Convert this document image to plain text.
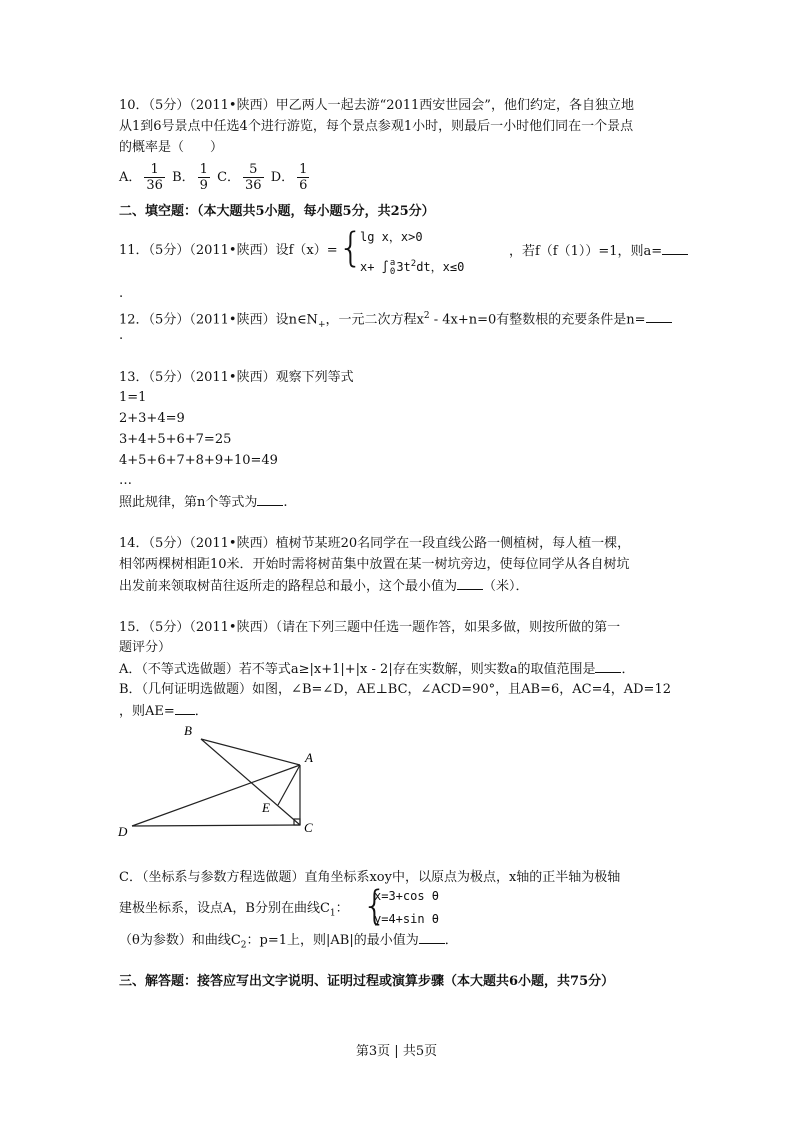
10．（5分）（2011•陕西）甲乙两人一起去游“2011西安世园会”，他们约定，各自独立地
从1到6号景点中任选4个进行游览，每个景点参观1小时，则最后一小时他们同在一个景点
的概率是（　　）
A． $\frac{1}{36}$ B． $\frac{1}{9}$ C． $\frac{5}{36}$ D． $\frac{1}{6}$
二、填空题：（本大题共5小题，每小题5分，共25分）
11．（5分）（2011•陕西）设f（x）= {
lg x，x>0
x+ ∫ a
0 $3t^2dt$，x≤0
，若f（f（1））=1，则a=
.
12．（5分）（2011•陕西）设$n\in N_+$，一元二次方程$x^2 - 4x+n=0$有整数根的充要条件是n=
.
13．（5分）（2011•陕西）观察下列等式
1=1
2+3+4=9
3+4+5+6+7=25
4+5+6+7+8+9+10=49
…
照此规律，第n个等式为 .
14．（5分）（2011•陕西）植树节某班20名同学在一段直线公路一侧植树，每人植一棵，
相邻两棵树相距10米．开始时需将树苗集中放置在某一树坑旁边，使每位同学从各自树坑
出发前来领取树苗往返所走的路程总和最小，这个最小值为 （米）．
15．（5分）（2011•陕西）（请在下列三题中任选一题作答，如果多做，则按所做的第一
题评分）
A．（不等式选做题）若不等式a≥|x+1|+|x - 2|存在实数解，则实数a的取值范围是 ．
B．（几何证明选做题）如图，∠B=∠D，AE⊥BC，∠ACD=90°，且AB=6，AC=4，AD=12
，则AE= ．
B
A
E
D	C
C．（坐标系与参数方程选做题）直角坐标系xoy中，以原点为极点，x轴的正半轴为极轴
建极坐标系，设点A，B分别在曲线$C_1$： {
x=3+cos θ
y=4+sin θ
（θ为参数）和曲线$C_2$：p=1上，则|AB|的最小值为 ．
三、解答题：接答应写出文字说明、证明过程或演算步骤（本大题共6小题，共75分）
第3页 | 共5页
